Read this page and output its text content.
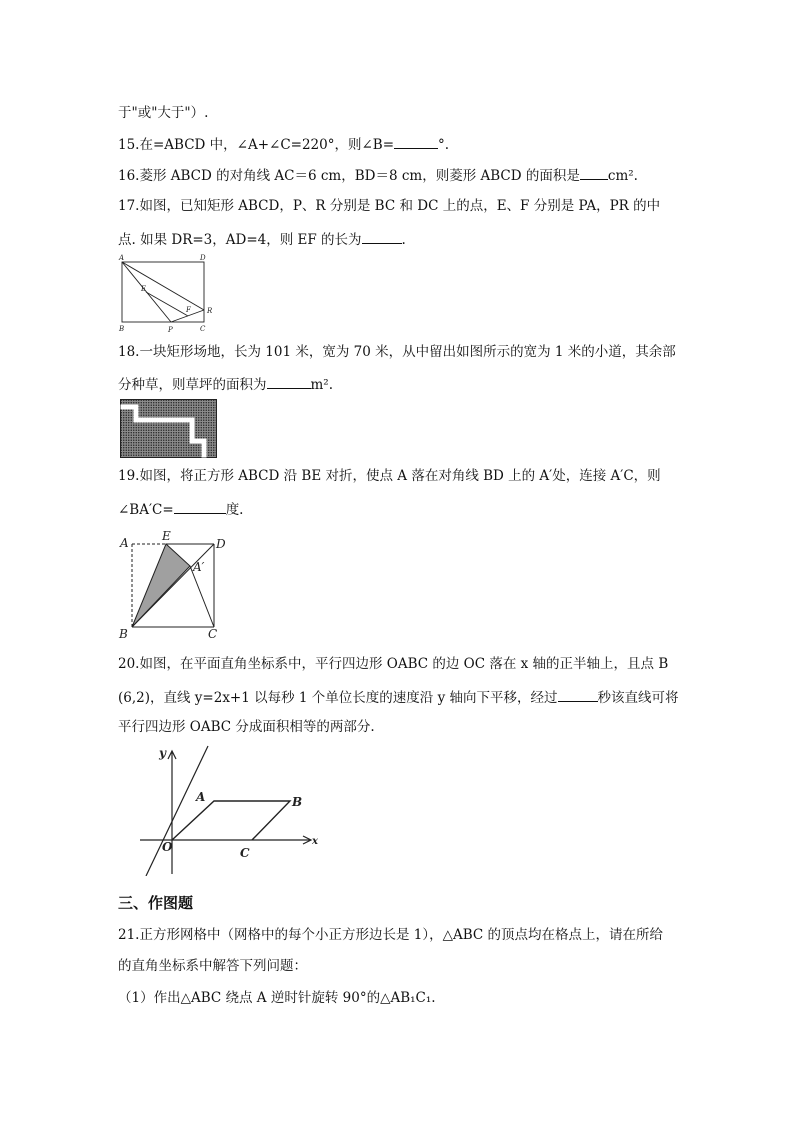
于"或"大于"）.
15.在=ABCD 中，∠A+∠C=220°，则∠B=	°.
16.菱形 ABCD 的对角线 AC＝6 cm，BD＝8 cm，则菱形 ABCD 的面积是 cm².
17.如图，已知矩形 ABCD，P、R 分别是 BC 和 DC 上的点，E、F 分别是 PA，PR 的中
点. 如果 DR=3，AD=4，则 EF 的长为	.
A	D
E
F R
B	P	C
18.一块矩形场地，长为 101 米，宽为 70 米，从中留出如图所示的宽为 1 米的小道，其余部
分种草，则草坪的面积为	m².
19.如图，将正方形 ABCD 沿 BE 对折，使点 A 落在对角线 BD 上的 A′处，连接 A′C，则
∠BA′C=	度.
A	E
D
A′
B	C
20.如图，在平面直角坐标系中，平行四边形 OABC 的边 OC 落在 x 轴的正半轴上，且点 B
(6,2)，直线 y=2x+1 以每秒 1 个单位长度的速度沿 y 轴向下平移，经过	秒该直线可将
平行四边形 OABC 分成面积相等的两部分.
y
x
A	B
O	C
三、作图题
21.正方形网格中（网格中的每个小正方形边长是 1），△ABC 的顶点均在格点上，请在所给
的直角坐标系中解答下列问题：
（1）作出△ABC 绕点 A 逆时针旋转 90°的△AB₁C₁.
